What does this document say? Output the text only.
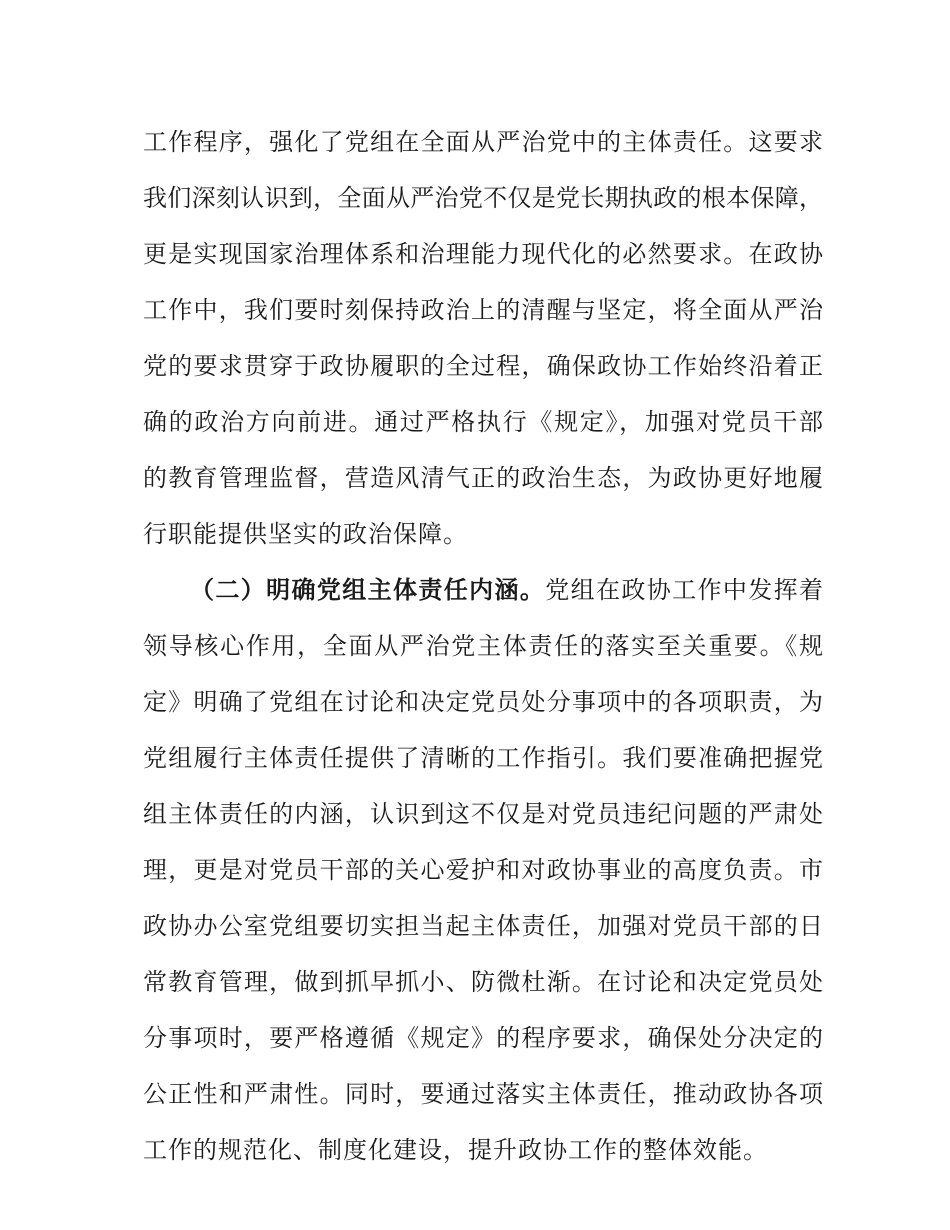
工作程序，强化了党组在全面从严治党中的主体责任。这要求
我们深刻认识到，全面从严治党不仅是党长期执政的根本保障，
更是实现国家治理体系和治理能力现代化的必然要求。在政协
工作中，我们要时刻保持政治上的清醒与坚定，将全面从严治
党的要求贯穿于政协履职的全过程，确保政协工作始终沿着正
确的政治方向前进。通过严格执行《规定》，加强对党员干部
的教育管理监督，营造风清气正的政治生态，为政协更好地履
行职能提供坚实的政治保障。
（二）明确党组主体责任内涵。党组在政协工作中发挥着
领导核心作用，全面从严治党主体责任的落实至关重要。《规
定》明确了党组在讨论和决定党员处分事项中的各项职责，为
党组履行主体责任提供了清晰的工作指引。我们要准确把握党
组主体责任的内涵，认识到这不仅是对党员违纪问题的严肃处
理，更是对党员干部的关心爱护和对政协事业的高度负责。市
政协办公室党组要切实担当起主体责任，加强对党员干部的日
常教育管理，做到抓早抓小、防微杜渐。在讨论和决定党员处
分事项时，要严格遵循《规定》的程序要求，确保处分决定的
公正性和严肃性。同时，要通过落实主体责任，推动政协各项
工作的规范化、制度化建设，提升政协工作的整体效能。
